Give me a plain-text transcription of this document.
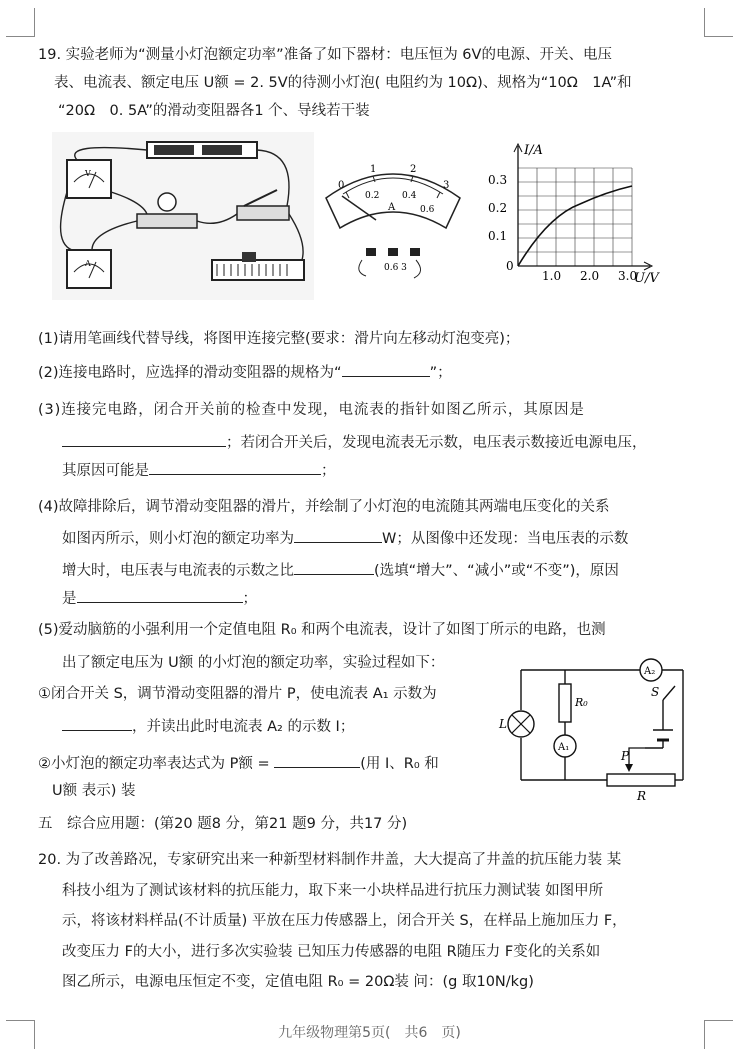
19. 实验老师为“测量小灯泡额定功率”准备了如下器材：电压恒为 6V的电源、开关、电压
表、电流表、额定电压 U额 = 2. 5V的待测小灯泡( 电阻约为 10Ω)、规格为“10Ω　1A”和
“20Ω　0. 5A”的滑动变阻器各1 个、导线若干装
V
A
0
1	2
3
0.2	0.4
0.6
A
0.6 3
I/A
U/V
0.3
0.2
0.1
0
1.0 2.0 3.0
(1)请用笔画线代替导线，将图甲连接完整(要求：滑片向左移动灯泡变亮)；
(2)连接电路时，应选择的滑动变阻器的规格为“	”；
(3)连接完电路，闭合开关前的检查中发现，电流表的指针如图乙所示，其原因是
；若闭合开关后，发现电流表无示数，电压表示数接近电源电压，
其原因可能是	；
(4)故障排除后，调节滑动变阻器的滑片，并绘制了小灯泡的电流随其两端电压变化的关系
如图丙所示，则小灯泡的额定功率为	W；从图像中还发现：当电压表的示数
增大时，电压表与电流表的示数之比	(选填“增大”、“减小”或“不变”)，原因
是	；
(5)爱动脑筋的小强利用一个定值电阻 R₀ 和两个电流表，设计了如图丁所示的电路，也测
出了额定电压为 U额 的小灯泡的额定功率，实验过程如下：
①闭合开关 S，调节滑动变阻器的滑片 P，使电流表 A₁ 示数为
，并读出此时电流表 A₂ 的示数 I；
②小灯泡的额定功率表达式为 P额 =	(用 I、R₀ 和
U额 表示) 装
A₂
R₀
A₁
L
S
P
R
五　综合应用题：(第20 题8 分，第21 题9 分，共17 分)
20. 为了改善路况，专家研究出来一种新型材料制作井盖，大大提高了井盖的抗压能力装 某
科技小组为了测试该材料的抗压能力，取下来一小块样品进行抗压力测试装 如图甲所
示，将该材料样品(不计质量) 平放在压力传感器上，闭合开关 S，在样品上施加压力 F，
改变压力 F的大小，进行多次实验装 已知压力传感器的电阻 R随压力 F变化的关系如
图乙所示，电源电压恒定不变，定值电阻 R₀ = 20Ω装 问：(g 取10N/kg)
九年级物理第5页(　共6　页)
